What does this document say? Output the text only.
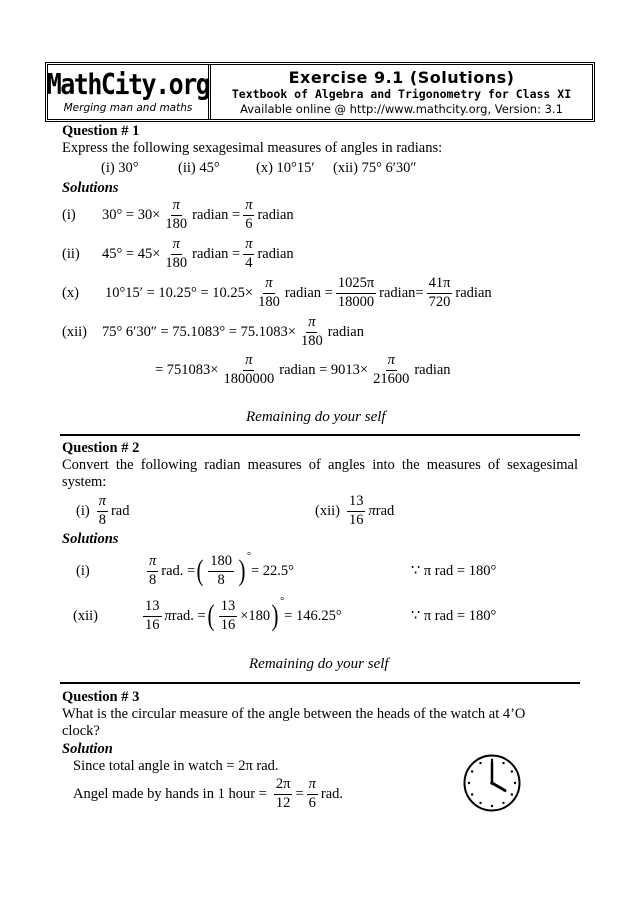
MathCity.org
Merging man and maths
Exercise 9.1 (Solutions)
Textbook of Algebra and Trigonometry for Class XI
Available online @ http://www.mathcity.org, Version: 3.1
Question # 1
Express the following sexagesimal measures of angles in radians:
(i) 30°	(ii) 45°	(x) 10°15′ (xii) 75° 6′30″
Solutions
(i)	$30^\circ = 30\times \frac{\pi}{180}$ radian = $\frac{\pi}{6}$ radian
(ii)	$45^\circ = 45\times \frac{\pi}{180}$ radian = $\frac{\pi}{4}$ radian
(x)	$10^\circ 15' = 10.25^\circ = 10.25\times \frac{\pi}{180}$ radian = $\frac{1025\pi}{18000}$ radian= $\frac{41\pi}{720}$ radian
(xii)	75° $6'30'' = 75.1083^\circ = 75.1083\times \frac{\pi}{180}$ radian
= $751083\times \frac{\pi}{1800000}$ radian = $9013\times \frac{\pi}{21600}$ radian
Remaining do your self
Question # 2
Convert the following radian measures of angles into the measures of sexagesimal
system:
$(i) \frac{\pi}{8}$ rad	$(xii) \frac{13}{16}$ π rad
Solutions
(i)	$\frac{\pi}{8}$ rad. = ( $\frac{180}{8} )^\circ$
= 22.5°	∵ π rad = 180°
(xii)	$\frac{13}{16}$ π rad. = ( $\frac{13}{16} \times 180$ )°
= 146.25°	∵ π rad = 180°
Remaining do your self
Question # 3
What is the circular measure of the angle between the heads of the watch at 4’O
clock?
Solution
Since total angle in watch = 2π rad.
Angel made by hands in 1 hour = $\frac{2\pi}{12} = \frac{\pi}{6}$ rad.
